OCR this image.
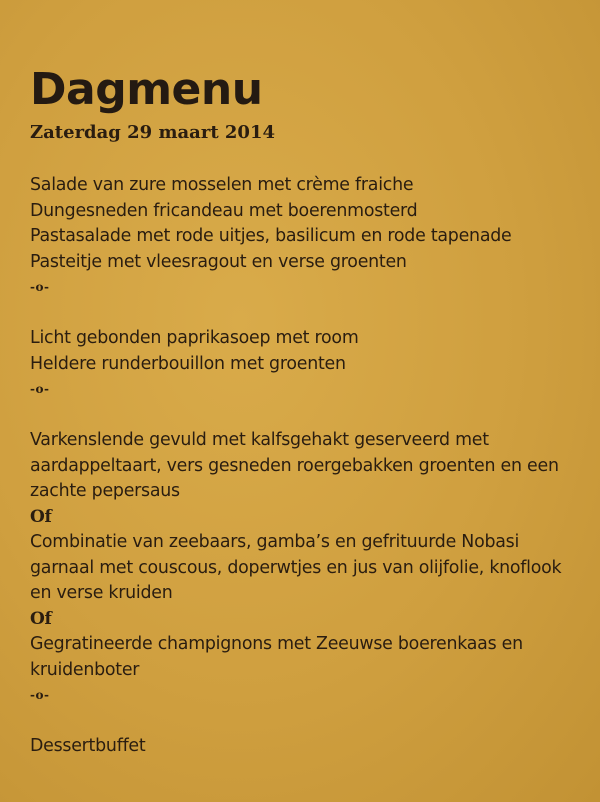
Dagmenu
Zaterdag 29 maart 2014

Salade van zure mosselen met crème fraiche

Dungesneden fricandeau met boerenmosterd

Pastasalade met rode uitjes, basilicum en rode tapenade

Pasteitje met vleesragout en verse groenten

-o-

Licht gebonden paprikasoep met room

Heldere runderbouillon met groenten

-o-

Varkenslende gevuld met kalfsgehakt geserveerd met

aardappeltaart, vers gesneden roergebakken groenten en een

zachte pepersaus

Of

Combinatie van zeebaars, gamba’s en gefrituurde Nobasi

garnaal met couscous, doperwtjes en jus van olijfolie, knoflook

en verse kruiden

Of

Gegratineerde champignons met Zeeuwse boerenkaas en

kruidenboter

-o-

Dessertbuffet
